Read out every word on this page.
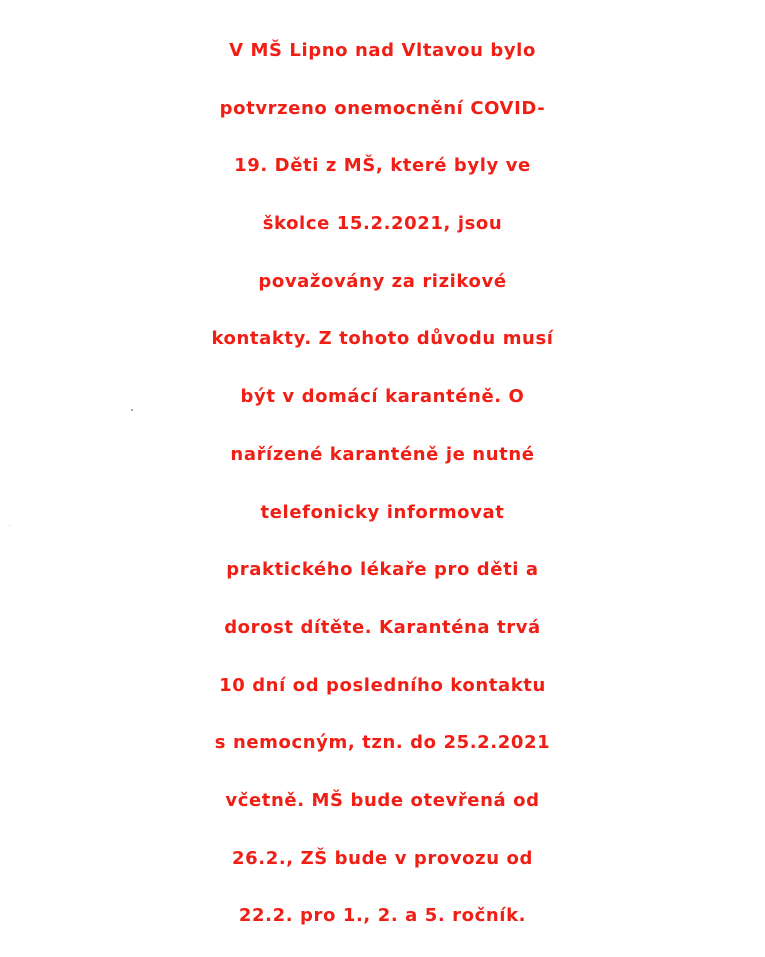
V MŠ Lipno nad Vltavou bylo
potvrzeno onemocnění COVID-
19. Děti z MŠ, které byly ve
školce 15.2.2021, jsou
považovány za rizikové
kontakty. Z tohoto důvodu musí
být v domácí karanténě. O
nařízené karanténě je nutné
telefonicky informovat
praktického lékaře pro děti a
dorost dítěte. Karanténa trvá
10 dní od posledního kontaktu
s nemocným, tzn. do 25.2.2021
včetně. MŠ bude otevřená od
26.2., ZŠ bude v provozu od
22.2. pro 1., 2. a 5. ročník.
